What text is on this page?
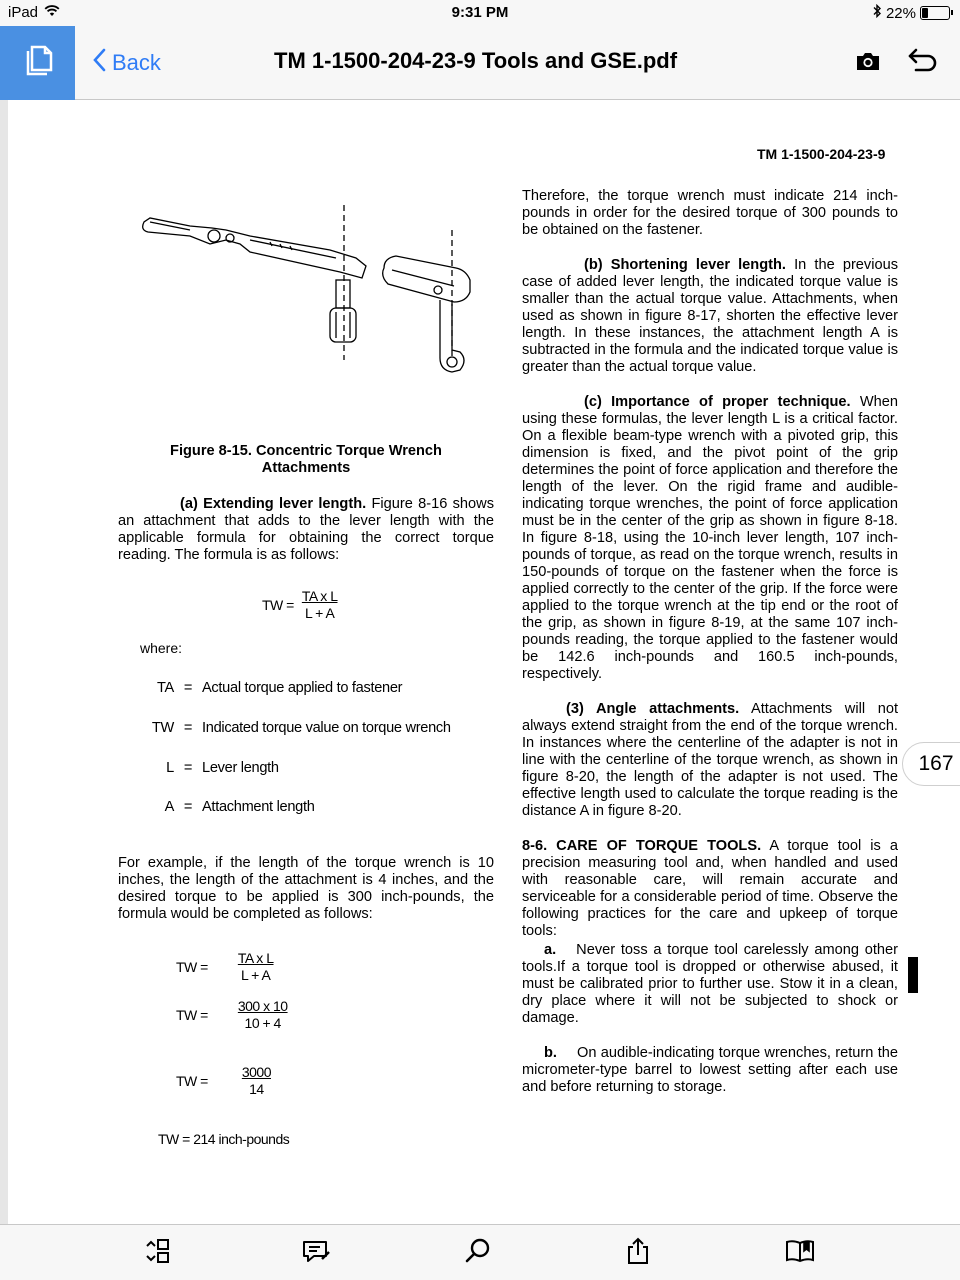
iPad	9:31 PM	22%
Back	TM 1-1500-204-23-9 Tools and GSE.pdf
TM 1-1500-204-23-9
Figure 8-15. Concentric Torque Wrench
Attachments
(a) Extending lever length. Figure 8-16 shows an attachment that adds to the lever length with the applicable formula for obtaining the correct torque reading. The formula is as follows:
TW = $\frac{\text{TA x L}}{L + A}$
where:
TA = Actual torque applied to fastener
TW = Indicated torque value on torque wrench
L = Lever length
A = Attachment length
For example, if the length of the torque wrench is 10 inches, the length of the attachment is 4 inches, and the desired torque to be applied is 300 inch-pounds, the formula would be completed as follows:
TW = $\frac{\text{TA x L}}{L + A}$
TW = $\frac{300 x 10}{10 + 4}$
TW = $\frac{3000}{14}$
TW = 214 inch-pounds
Therefore, the torque wrench must indicate 214 inch-pounds in order for the desired torque of 300 pounds to be obtained on the fastener.
(b) Shortening lever length. In the previous case of added lever length, the indicated torque value is smaller than the actual torque value. Attachments, when used as shown in figure 8-17, shorten the effective lever length. In these instances, the attachment length A is subtracted in the formula and the indicated torque value is greater than the actual torque value.
(c) Importance of proper technique. When using these formulas, the lever length L is a critical factor. On a flexible beam-type wrench with a pivoted grip, this dimension is fixed, and the pivot point of the grip determines the point of force application and therefore the length of the lever. On the rigid frame and audible-indicating torque wrenches, the point of force application must be in the center of the grip as shown in figure 8-18. In figure 8-18, using the 10-inch lever length, 107 inch-pounds of torque, as read on the torque wrench, results in 150-pounds of torque on the fastener when the force is applied correctly to the center of the grip. If the force were applied to the torque wrench at the tip end or the root of the grip, as shown in figure 8-19, at the same 107 inch-pounds reading, the torque applied to the fastener would be 142.6 inch-pounds and 160.5 inch-pounds, respectively.
(3) Angle attachments. Attachments will not always extend straight from the end of the torque wrench. In instances where the centerline of the adapter is not in line with the centerline of the torque wrench, as shown in figure 8-20, the length of the adapter is not used. The effective length used to calculate the torque reading is the distance A in figure 8-20.
8-6. CARE OF TORQUE TOOLS. A torque tool is a precision measuring tool and, when handled and used with reasonable care, will remain accurate and serviceable for a considerable period of time. Observe the following practices for the care and upkeep of torque tools:
a. Never toss a torque tool carelessly among other tools.If a torque tool is dropped or otherwise abused, it must be calibrated prior to further use. Stow it in a clean, dry place where it will not be subjected to shock or damage.
b. On audible-indicating torque wrenches, return the micrometer-type barrel to lowest setting after each use and before returning to storage.
167
